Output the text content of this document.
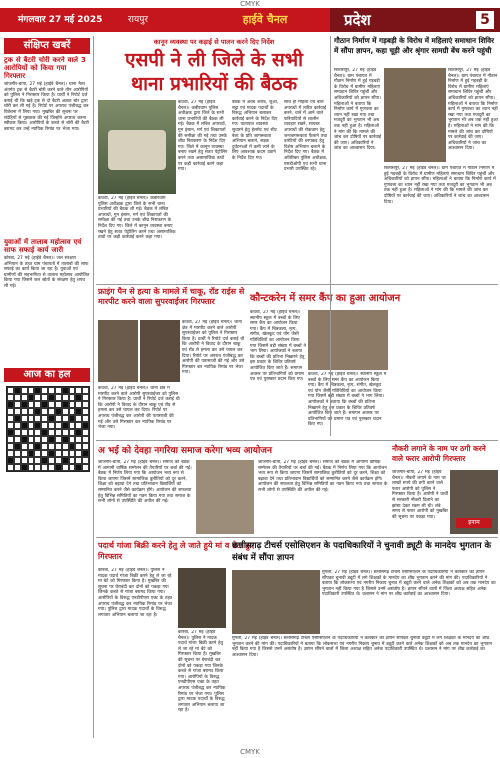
CMYK
मंगलवार 27 मई 2025	रायपुर	हाईवे चैनल	प्रदेश	5
संक्षिप्त खबरें

ट्रक से बैटरी चोरी करने वाले 3 आरोपियों को किया गया गिरफ्तार

जांजगीर-चांपा, 27 मई (हाईवे चैनल)। थाना नैला अंतर्गत ट्रक से बैटरी चोरी करने वाले तीन आरोपियों को पुलिस ने गिरफ्तार किया है। प्रार्थी ने रिपोर्ट दर्ज कराई थी कि खड़े ट्रक से दो बैटरी अज्ञात चोर द्वारा चोरी कर ली गई है। रिपोर्ट पर अपराध पंजीबद्ध कर विवेचना में लिया गया। मुखबिर की सूचना पर संदेहियों से पूछताछ की गई जिन्होंने अपराध करना स्वीकार किया। आरोपियों के कब्जे से चोरी की बैटरी बरामद कर उन्हें न्यायिक रिमांड पर भेजा गया।

युवाओं में तालाब महोत्सव एवं साफ सफाई कार्य जारी

कोरबा, 27 मई (हाईवे चैनल)। जल संरक्षण अभियान के तहत ग्राम पंचायतों में तालाबों की साफ सफाई का कार्य किया जा रहा है। युवाओं एवं ग्रामीणों की सहभागिता से तालाब महोत्सव आयोजित किया गया जिसमें जल स्रोतों के संरक्षण हेतु शपथ ली गई।

आज का हल
कानून व्यवस्था पर कड़ाई से पालन करने दिए निर्देश
एसपी ने ली जिले के सभी
थाना प्रभारियों की बैठक
कवर्धा, 27 मई (हाईवे चैनल)। कबीरधाम पुलिस अधीक्षक द्वारा जिले के सभी थाना प्रभारियों की बैठक ली गई। बैठक में लंबित अपराधों, गुम इंसान, मर्ग एवं शिकायतों की समीक्षा की गई तथा उनके शीघ्र निराकरण के निर्देश दिए गए। जिले में कानून व्यवस्था बनाए रखने हेतु सतत पेट्रोलिंग करने तथा असामाजिक तत्वों पर कड़ी कार्रवाई करने कहा गया।
बैठक में अवैध शराब, जुआ, सट्टा एवं मादक पदार्थों के विरुद्ध अभियान चलाकर कार्रवाई करने के निर्देश दिए गए। यातायात व्यवस्था सुधारने हेतु हेलमेट एवं सीट बेल्ट के प्रति जागरूकता अभियान चलाने, सड़क दुर्घटनाओं में कमी लाने के लिए आवश्यक कदम उठाने के निर्देश दिए गए।
साथ ही महिला एवं बाल अपराधों में त्वरित कार्रवाई करने, थाने में आने वाले फरियादियों से शालीन व्यवहार रखने, सायबर अपराधों की रोकथाम हेतु जनजागरूकता फैलाने तथा वारंटियों की धरपकड़ हेतु विशेष अभियान चलाने के निर्देश दिए गए। बैठक में अतिरिक्त पुलिस अधीक्षक, एसडीओपी एवं सभी थाना प्रभारी उपस्थित रहे।
कवर्धा, 27 मई (हाईवे चैनल)। कबीरधाम पुलिस अधीक्षक द्वारा जिले के सभी थाना प्रभारियों की बैठक ली गई। बैठक में लंबित अपराधों, गुम इंसान, मर्ग एवं शिकायतों की समीक्षा की गई तथा उनके शीघ्र निराकरण के निर्देश दिए गए। जिले में कानून व्यवस्था बनाए रखने हेतु सतत पेट्रोलिंग करने तथा असामाजिक तत्वों पर कड़ी कार्रवाई करने कहा गया।
फ्राइंग पैन से हत्या के मामले में चाकू, रॉड राईस से मारपीट करने वाला सुपरवाईजर गिरफ्तार
कवर्धा, 27 मई (हाईवे चैनल)। थाना क्षेत्र में मारपीट करने वाले आरोपी सुपरवाईजर को पुलिस ने गिरफ्तार किया है। प्रार्थी ने रिपोर्ट दर्ज कराई थी कि आरोपी ने विवाद के दौरान चाकू एवं रॉड से हमला कर उसे घायल कर दिया। रिपोर्ट पर अपराध पंजीबद्ध कर आरोपी की पतासाजी की गई और उसे गिरफ्तार कर न्यायिक रिमांड पर भेजा गया।
कवर्धा, 27 मई (हाईवे चैनल)। थाना क्षेत्र में मारपीट करने वाले आरोपी सुपरवाईजर को पुलिस ने गिरफ्तार किया है। प्रार्थी ने रिपोर्ट दर्ज कराई थी कि आरोपी ने विवाद के दौरान चाकू एवं रॉड से हमला कर उसे घायल कर दिया। रिपोर्ट पर अपराध पंजीबद्ध कर आरोपी की पतासाजी की गई और उसे गिरफ्तार कर न्यायिक रिमांड पर भेजा गया।
कौन्टकरेन में समर कैंप का हुआ आयोजन
कवर्धा, 27 मई (हाईवे चैनल)। स्थानीय स्कूल में बच्चों के लिए समर कैंप का आयोजन किया गया। कैंप में चित्रकला, नृत्य, संगीत, खेलकूद एवं योग जैसी गतिविधियों का आयोजन किया गया जिसमें बड़ी संख्या में बच्चों ने भाग लिया। आयोजकों ने बताया कि बच्चों की प्रतिभा निखारने हेतु इस प्रकार के शिविर प्रतिवर्ष आयोजित किए जाते हैं। समापन अवसर पर प्रतिभागियों को प्रमाण पत्र एवं पुरस्कार प्रदान किए गए।
कवर्धा, 27 मई (हाईवे चैनल)। स्थानीय स्कूल में बच्चों के लिए समर कैंप का आयोजन किया गया। कैंप में चित्रकला, नृत्य, संगीत, खेलकूद एवं योग जैसी गतिविधियों का आयोजन किया गया जिसमें बड़ी संख्या में बच्चों ने भाग लिया। आयोजकों ने बताया कि बच्चों की प्रतिभा निखारने हेतु इस प्रकार के शिविर प्रतिवर्ष आयोजित किए जाते हैं। समापन अवसर पर प्रतिभागियों को प्रमाण पत्र एवं पुरस्कार प्रदान किए गए।
अ भई को देवहा नगरिया समाज करेगा भव्य आयोजन
जांजगीर-चांपा, 27 मई (हाईवे चैनल)। समाज की बैठक में आगामी वार्षिक सम्मेलन की तैयारियों पर चर्चा की गई। बैठक में निर्णय लिया गया कि आयोजन भव्य रूप से किया जाएगा जिसमें सामाजिक कुरीतियों को दूर करने, शिक्षा को बढ़ावा देने तथा प्रतिभावान विद्यार्थियों को सम्मानित करने जैसे कार्यक्रम होंगे। आयोजन की सफलता हेतु विभिन्न समितियों का गठन किया गया तथा समाज के सभी लोगों से उपस्थिति की अपील की गई।
जांजगीर-चांपा, 27 मई (हाईवे चैनल)। समाज की बैठक में आगामी वार्षिक सम्मेलन की तैयारियों पर चर्चा की गई। बैठक में निर्णय लिया गया कि आयोजन भव्य रूप से किया जाएगा जिसमें सामाजिक कुरीतियों को दूर करने, शिक्षा को बढ़ावा देने तथा प्रतिभावान विद्यार्थियों को सम्मानित करने जैसे कार्यक्रम होंगे। आयोजन की सफलता हेतु विभिन्न समितियों का गठन किया गया तथा समाज के सभी लोगों से उपस्थिति की अपील की गई।
पदार्थ गांजा बिक्री करने हेतु ले जाते हुये मां व बेटा हुए गिरफ्तार
कोरबा, 27 मई (हाईवे चैनल)। पुलिस ने मादक पदार्थ गांजा बिक्री करने हेतु ले जा रहे मां बेटे को गिरफ्तार किया है। मुखबिर की सूचना पर घेराबंदी कर दोनों को पकड़ा गया जिनके कब्जे से गांजा बरामद किया गया। आरोपियों के विरुद्ध एनडीपीएस एक्ट के तहत अपराध पंजीबद्ध कर न्यायिक रिमांड पर भेजा गया। पुलिस द्वारा मादक पदार्थों के विरुद्ध लगातार अभियान चलाया जा रहा है।
कोरबा, 27 मई (हाईवे चैनल)। पुलिस ने मादक पदार्थ गांजा बिक्री करने हेतु ले जा रहे मां बेटे को गिरफ्तार किया है। मुखबिर की सूचना पर घेराबंदी कर दोनों को पकड़ा गया जिनके कब्जे से गांजा बरामद किया गया। आरोपियों के विरुद्ध एनडीपीएस एक्ट के तहत अपराध पंजीबद्ध कर न्यायिक रिमांड पर भेजा गया। पुलिस द्वारा मादक पदार्थों के विरुद्ध लगातार अभियान चलाया जा रहा है।
गौठान निर्माण में गड़बड़ी के विरोध में महिलाएं समाधान शिविर में सौंपा ज्ञापन, कहा चूड़ी और श्रृंगार सामग्री बेंच करने पहुंची
बिलासपुर, 27 मई (हाईवे चैनल)। ग्राम पंचायत में गौठान निर्माण में हुई गड़बड़ी के विरोध में ग्रामीण महिलाएं समाधान शिविर पहुंचीं और अधिकारियों को ज्ञापन सौंपा। महिलाओं ने बताया कि निर्माण कार्य में गुणवत्ता का ध्यान नहीं रखा गया तथा मजदूरी का भुगतान भी अब तक नहीं हुआ है। महिलाओं ने मांग की कि मामले की जांच कर दोषियों पर कार्रवाई की जाए। अधिकारियों ने जांच का आश्वासन दिया।
बिलासपुर, 27 मई (हाईवे चैनल)। ग्राम पंचायत में गौठान निर्माण में हुई गड़बड़ी के विरोध में ग्रामीण महिलाएं समाधान शिविर पहुंचीं और अधिकारियों को ज्ञापन सौंपा। महिलाओं ने बताया कि निर्माण कार्य में गुणवत्ता का ध्यान नहीं रखा गया तथा मजदूरी का भुगतान भी अब तक नहीं हुआ है। महिलाओं ने मांग की कि मामले की जांच कर दोषियों पर कार्रवाई की जाए। अधिकारियों ने जांच का आश्वासन दिया।
बिलासपुर, 27 मई (हाईवे चैनल)। ग्राम पंचायत में गौठान निर्माण में हुई गड़बड़ी के विरोध में ग्रामीण महिलाएं समाधान शिविर पहुंचीं और अधिकारियों को ज्ञापन सौंपा। महिलाओं ने बताया कि निर्माण कार्य में गुणवत्ता का ध्यान नहीं रखा गया तथा मजदूरी का भुगतान भी अब तक नहीं हुआ है। महिलाओं ने मांग की कि मामले की जांच कर दोषियों पर कार्रवाई की जाए। अधिकारियों ने जांच का आश्वासन दिया।
नौकरी लगाने के नाम पर ठगी करने वाले फरार आरोपी गिरफ्तार
जांजगीर-चांपा, 27 मई (हाईवे चैनल)। नौकरी लगाने के नाम पर लाखों रुपये की ठगी करने वाले फरार आरोपी को पुलिस ने गिरफ्तार किया है। आरोपी ने प्रार्थी से सरकारी नौकरी दिलाने का झांसा देकर रकम ली थी। लंबे समय से फरार आरोपी को मुखबिर की सूचना पर पकड़ा गया।
इनाम
छत्तीसगढ़ टीचर्स एसोसिएशन के पदाधिकारियों ने चुनावी ड्यूटी के मानदेय भुगतान के संबंध में सौंपा ज्ञापन
मुंगेली, 27 मई (हाईवे चैनल)। छत्तीसगढ़ टीचर्स एसोसिएशन के पदाधिकारियों ने कलेक्टर को ज्ञापन सौंपकर चुनावी ड्यूटी में लगे शिक्षकों के मानदेय का शीघ्र भुगतान करने की मांग की। पदाधिकारियों ने बताया कि लोकसभा एवं नगरीय निकाय चुनाव में ड्यूटी करने वाले अनेक शिक्षकों को अब तक मानदेय का भुगतान नहीं किया गया है जिससे उनमें असंतोष है। ज्ञापन सौंपने वालों में जिला अध्यक्ष सहित अनेक पदाधिकारी उपस्थित थे। प्रशासन ने मांग पर शीघ्र कार्रवाई का आश्वासन दिया।
मुंगेली, 27 मई (हाईवे चैनल)। छत्तीसगढ़ टीचर्स एसोसिएशन के पदाधिकारियों ने कलेक्टर को ज्ञापन सौंपकर चुनावी ड्यूटी में लगे शिक्षकों के मानदेय का शीघ्र भुगतान करने की मांग की। पदाधिकारियों ने बताया कि लोकसभा एवं नगरीय निकाय चुनाव में ड्यूटी करने वाले अनेक शिक्षकों को अब तक मानदेय का भुगतान नहीं किया गया है जिससे उनमें असंतोष है। ज्ञापन सौंपने वालों में जिला अध्यक्ष सहित अनेक पदाधिकारी उपस्थित थे। प्रशासन ने मांग पर शीघ्र कार्रवाई का आश्वासन दिया।
CMYK
